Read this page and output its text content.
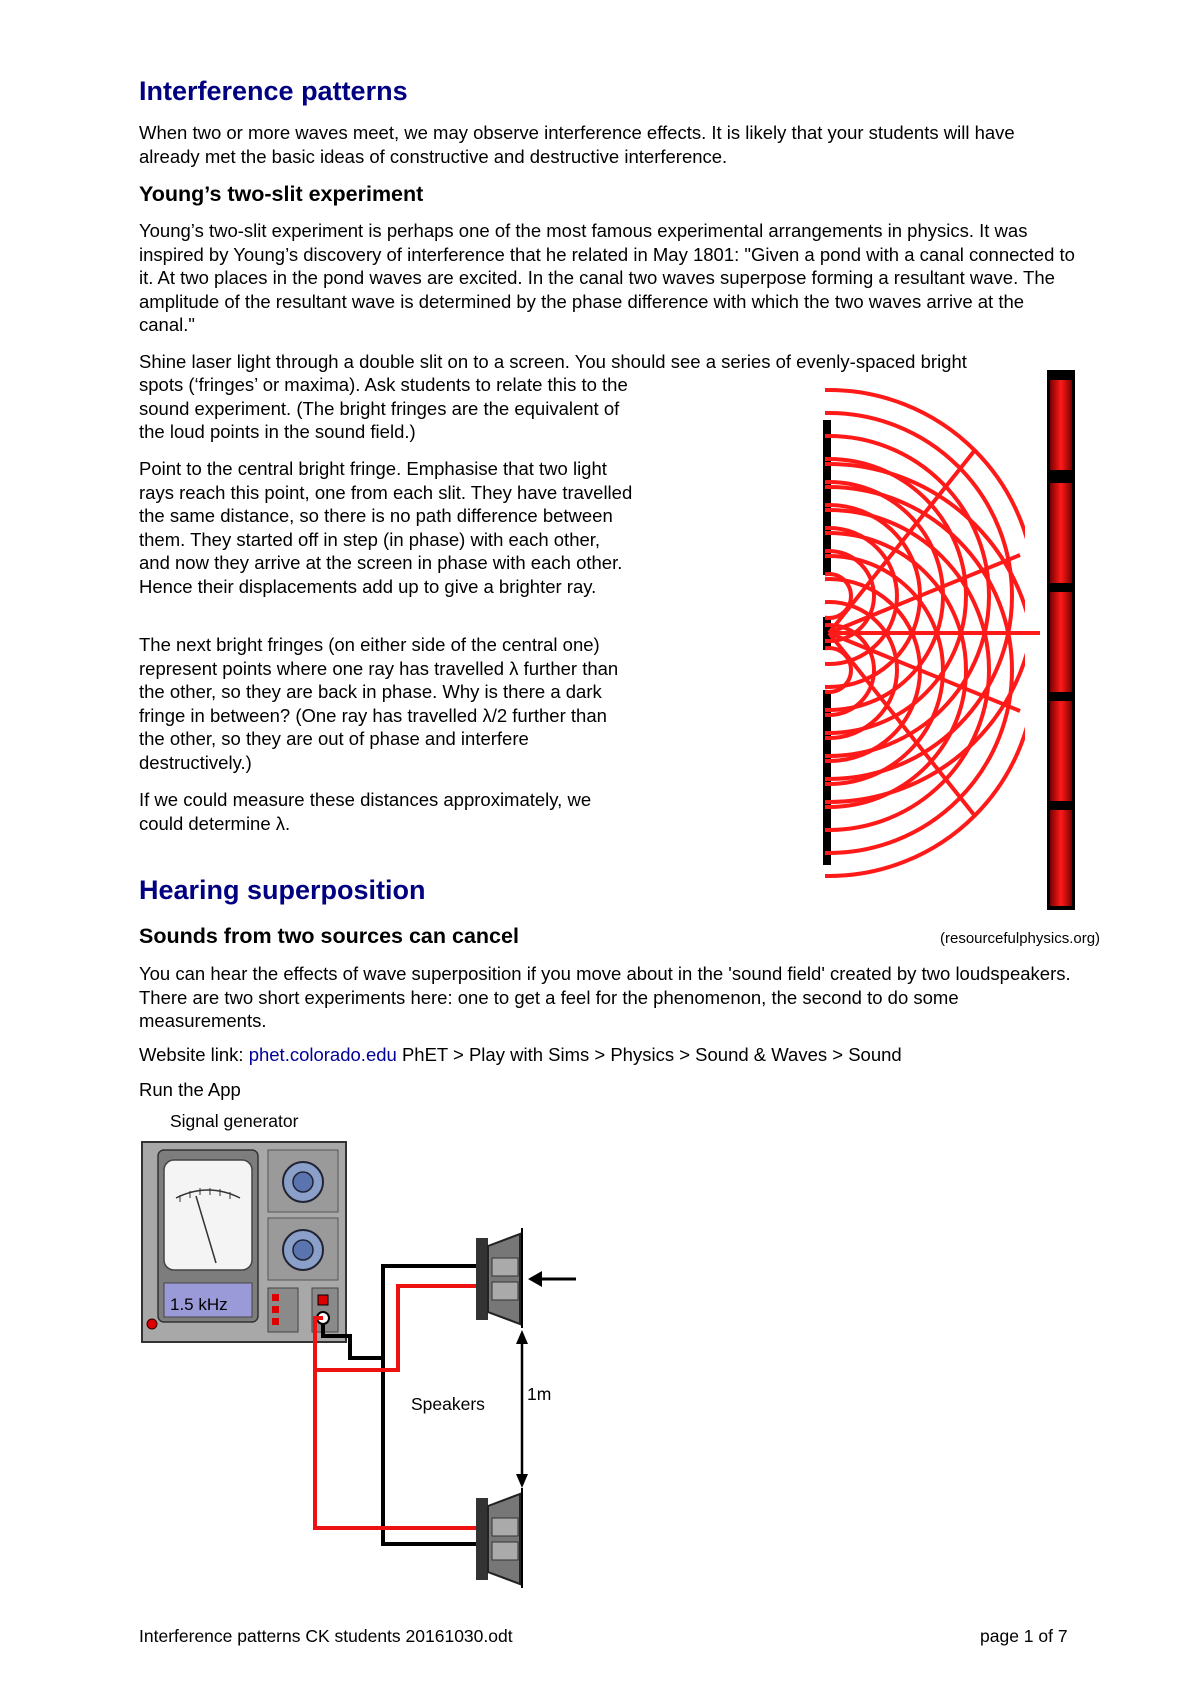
Interference patterns

When two or more waves meet, we may observe interference effects. It is likely that your students will have already met the basic ideas of constructive and destructive interference.

Young’s two-slit experiment

Young’s two-slit experiment is perhaps one of the most famous experimental arrangements in physics. It was inspired by Young’s discovery of interference that he related in May 1801: "Given a pond with a canal connected to it. At two places in the pond waves are excited. In the canal two waves superpose forming a resultant wave. The amplitude of the resultant wave is determined by the phase difference with which the two waves arrive at the canal."

Shine laser light through a double slit on to a screen. You should see a series of evenly-spaced bright

spots (‘fringes’ or maxima). Ask students to relate this to the sound experiment. (The bright fringes are the equivalent of the loud points in the sound field.)

Point to the central bright fringe. Emphasise that two light rays reach this point, one from each slit. They have travelled the same distance, so there is no path difference between them. They started off in step (in phase) with each other, and now they arrive at the screen in phase with each other. Hence their displacements add up to give a brighter ray.

The next bright fringes (on either side of the central one) represent points where one ray has travelled λ further than the other, so they are back in phase. Why is there a dark fringe in between? (One ray has travelled λ/2 further than the other, so they are out of phase and interfere destructively.)

If we could measure these distances approximately, we could determine λ.

Hearing superposition
Sounds from two sources can cancel	(resourcefulphysics.org)

You can hear the effects of wave superposition if you move about in the 'sound field' created by two loudspeakers. There are two short experiments here: one to get a feel for the phenomenon, the second to do some measurements.

Website link: phet.colorado.edu PhET > Play with Sims > Physics > Sound & Waves > Sound

Run the App

Signal generator
1.5 kHz
Speakers 1m
Interference patterns CK students 20161030.odt	page 1 of 7
